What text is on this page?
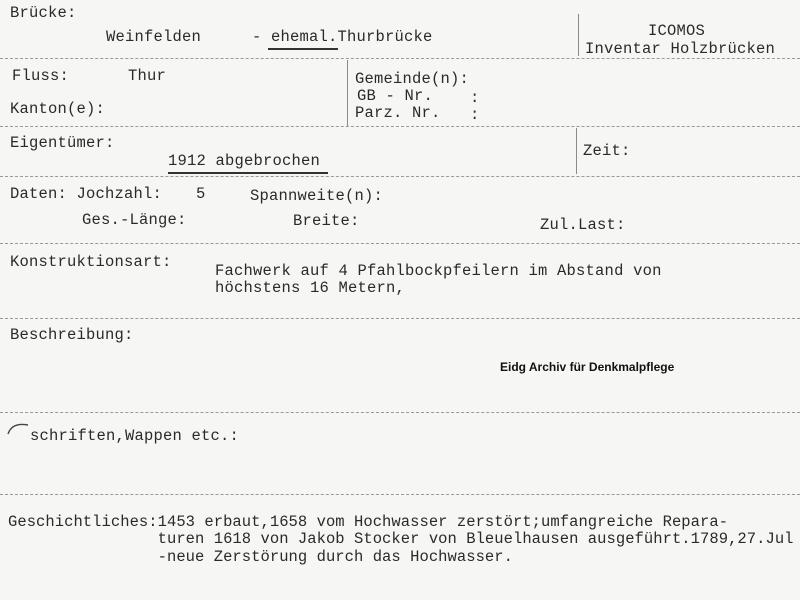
Brücke:
Weinfelden	- ehemal.Thurbrücke	ICOMOS
Inventar Holzbrücken
Fluss:	Thur
Kanton(e):
Gemeinde(n):
GB - Nr. :
Parz. Nr. :
Eigentümer:
1912 abgebrochen
Zeit:
Daten: Jochzahl: 5	Spannweite(n):
Ges.-Länge:	Breite:	Zul.Last:
Konstruktionsart:	Fachwerk auf 4 Pfahlbockpfeilern im Abstand von
höchstens 16 Metern,
Beschreibung:
Eidg Archiv für Denkmalpflege
schriften,Wappen etc.:
Geschichtliches:1453 erbaut,1658 vom Hochwasser zerstört;umfangreiche Repara-
turen 1618 von Jakob Stocker von Bleuelhausen ausgeführt.1789,27.Jul
-neue Zerstörung durch das Hochwasser.
